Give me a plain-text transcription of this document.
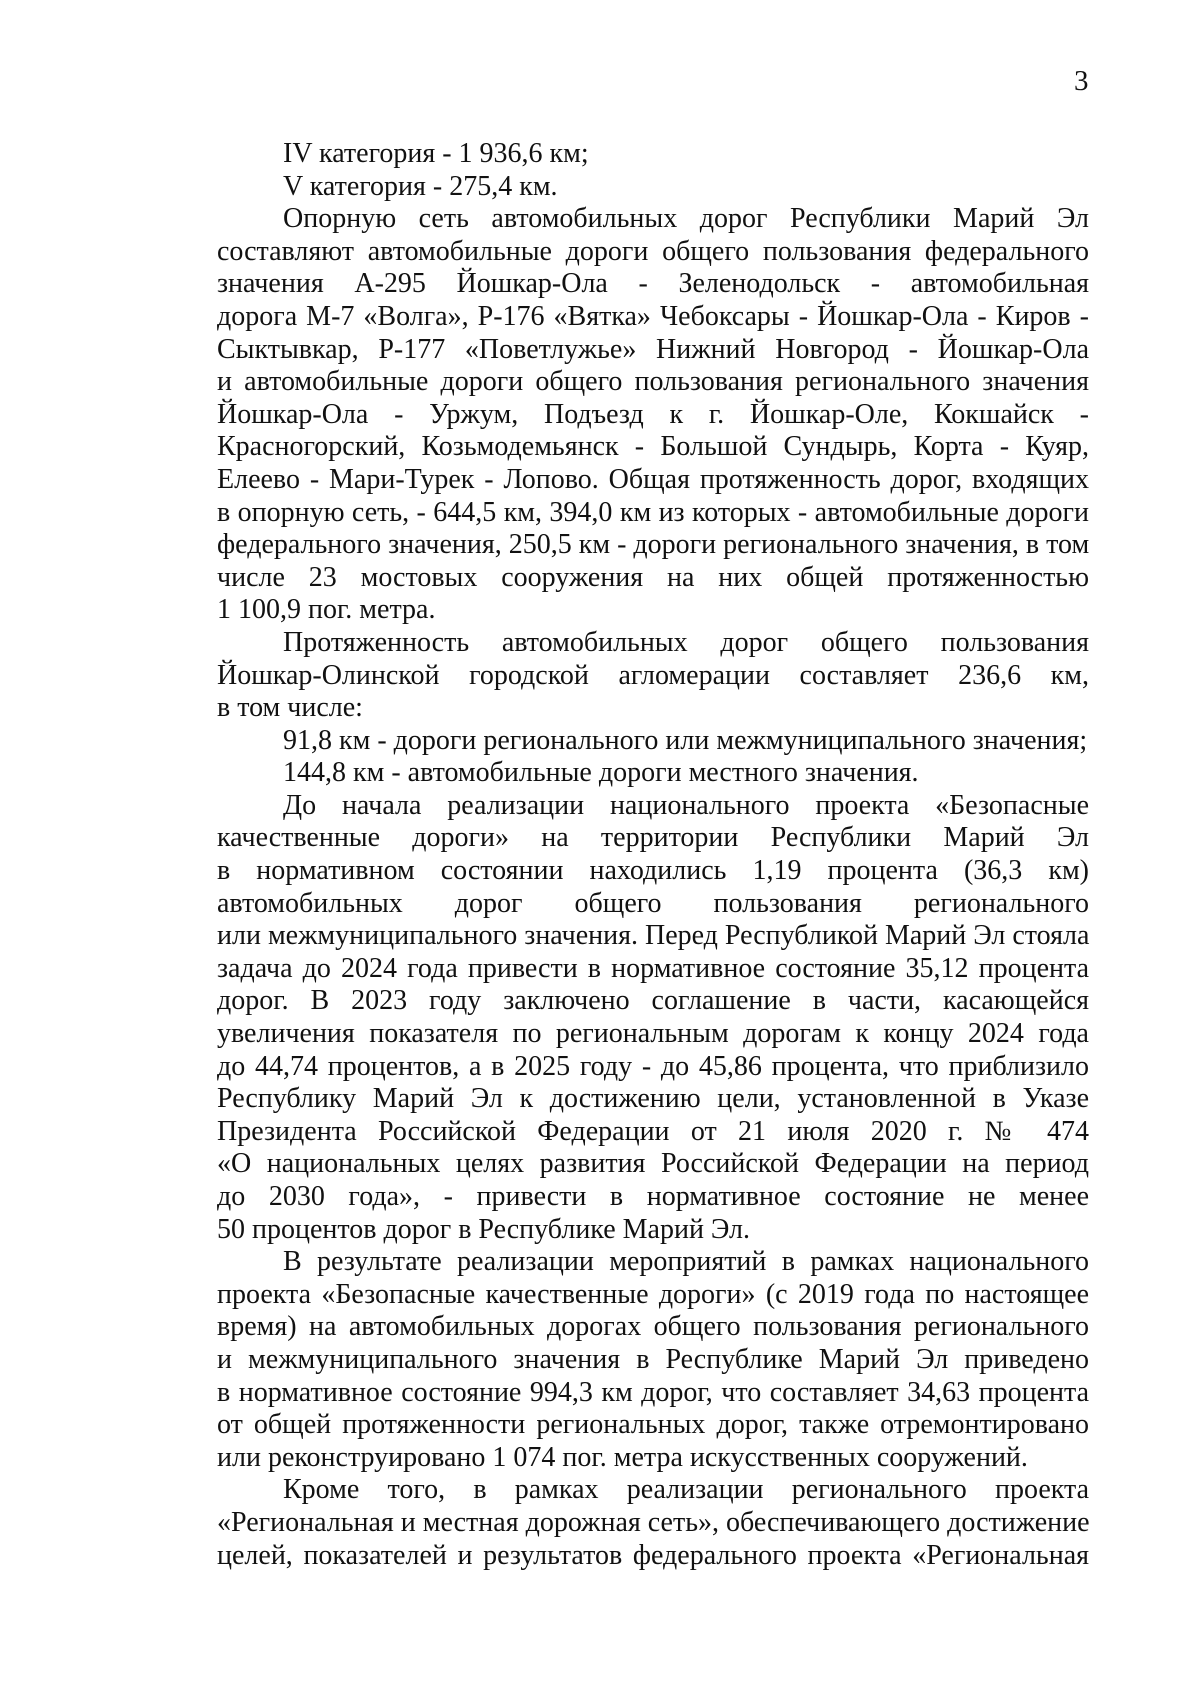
3
IV категория - 1 936,6 км;
V категория - 275,4 км.
Опорную сеть автомобильных дорог Республики Марий Эл
составляют автомобильные дороги общего пользования федерального
значения А-295 Йошкар-Ола - Зеленодольск - автомобильная
дорога М-7 «Волга», Р-176 «Вятка» Чебоксары - Йошкар-Ола - Киров -
Сыктывкар, Р-177 «Поветлужье» Нижний Новгород - Йошкар-Ола
и автомобильные дороги общего пользования регионального значения
Йошкар-Ола - Уржум, Подъезд к г. Йошкар-Оле, Кокшайск -
Красногорский, Козьмодемьянск - Большой Сундырь, Корта - Куяр,
Елеево - Мари-Турек - Лопово. Общая протяженность дорог, входящих
в опорную сеть, - 644,5 км, 394,0 км из которых - автомобильные дороги
федерального значения, 250,5 км - дороги регионального значения, в том
числе 23 мостовых сооружения на них общей протяженностью
1 100,9 пог. метра.
Протяженность автомобильных дорог общего пользования
Йошкар-Олинской городской агломерации составляет 236,6 км,
в том числе:
91,8 км - дороги регионального или межмуниципального значения;
144,8 км - автомобильные дороги местного значения.
До начала реализации национального проекта «Безопасные
качественные дороги» на территории Республики Марий Эл
в нормативном состоянии находились 1,19 процента (36,3 км)
автомобильных дорог общего пользования регионального
или межмуниципального значения. Перед Республикой Марий Эл стояла
задача до 2024 года привести в нормативное состояние 35,12 процента
дорог. В 2023 году заключено соглашение в части, касающейся
увеличения показателя по региональным дорогам к концу 2024 года
до 44,74 процентов, а в 2025 году - до 45,86 процента, что приблизило
Республику Марий Эл к достижению цели, установленной в Указе
Президента Российской Федерации от 21 июля 2020 г. № 474
«О национальных целях развития Российской Федерации на период
до 2030 года», - привести в нормативное состояние не менее
50 процентов дорог в Республике Марий Эл.
В результате реализации мероприятий в рамках национального
проекта «Безопасные качественные дороги» (с 2019 года по настоящее
время) на автомобильных дорогах общего пользования регионального
и межмуниципального значения в Республике Марий Эл приведено
в нормативное состояние 994,3 км дорог, что составляет 34,63 процента
от общей протяженности региональных дорог, также отремонтировано
или реконструировано 1 074 пог. метра искусственных сооружений.
Кроме того, в рамках реализации регионального проекта
«Региональная и местная дорожная сеть», обеспечивающего достижение
целей, показателей и результатов федерального проекта «Региональная
